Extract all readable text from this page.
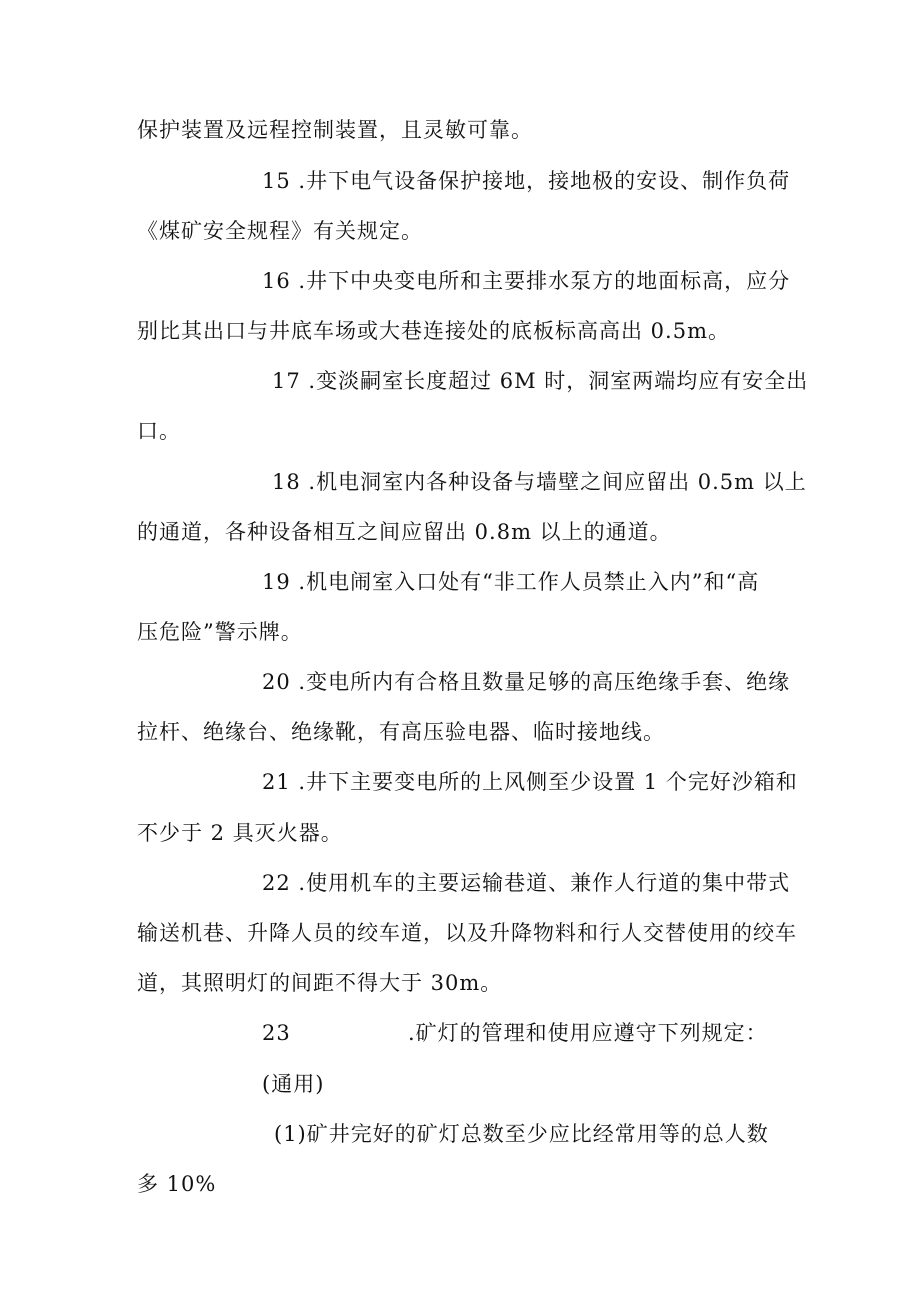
保护装置及远程控制装置，且灵敏可靠。
15 .井下电气设备保护接地，接地极的安设、制作负荷
《煤矿安全规程》有关规定。
16 .井下中央变电所和主要排水泵方的地面标高，应分
别比其出口与井底车场或大巷连接处的底板标高高出 0.5m。
17 .变淡嗣室长度超过 6M 时，洞室两端均应有安全出
口。
18 .机电洞室内各种设备与墙壁之间应留出 0.5m 以上
的通道，各种设备相互之间应留出 0.8m 以上的通道。
19 .机电闹室入口处有“非工作人员禁止入内”和“高
压危险”警示牌。
20 .变电所内有合格且数量足够的高压绝缘手套、绝缘
拉杆、绝缘台、绝缘靴，有高压验电器、临时接地线。
21 .井下主要变电所的上风侧至少设置 1 个完好沙箱和
不少于 2 具灭火器。
22 .使用机车的主要运输巷道、兼作人行道的集中带式
输送机巷、升降人员的绞车道，以及升降物料和行人交替使用的绞车
道，其照明灯的间距不得大于 30m。
23	.矿灯的管理和使用应遵守下列规定：
(通用)
(1)矿井完好的矿灯总数至少应比经常用等的总人数
多 10%
